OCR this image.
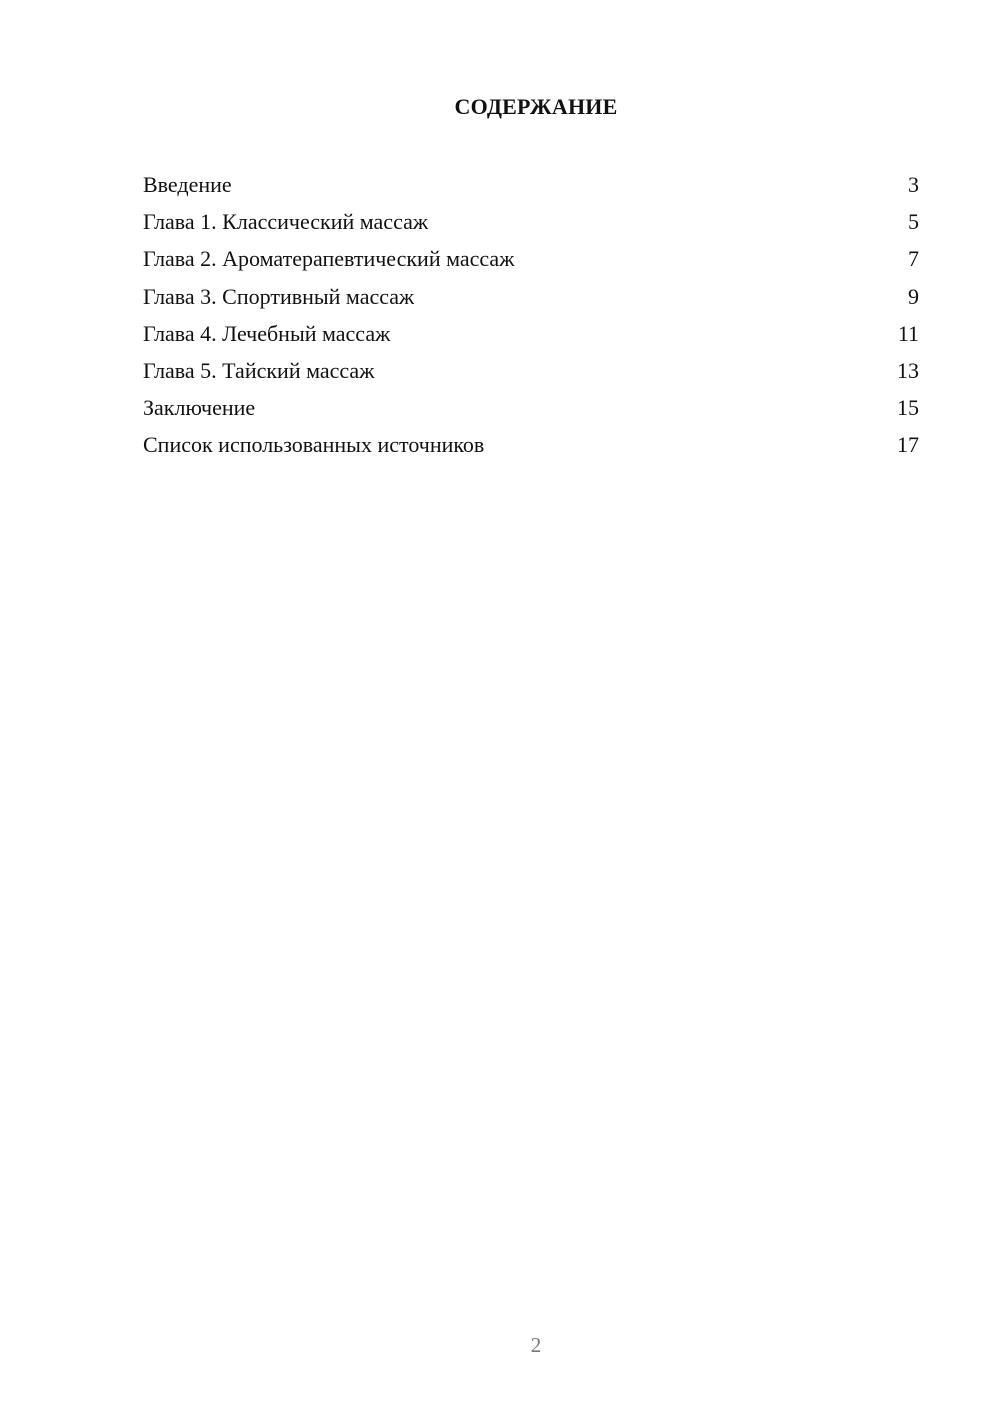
СОДЕРЖАНИЕ
Введение	3
Глава 1. Классический массаж	5
Глава 2. Ароматерапевтический массаж	7
Глава 3. Спортивный массаж	9
Глава 4. Лечебный массаж	11
Глава 5. Тайский массаж	13
Заключение	15
Список использованных источников	17
2
